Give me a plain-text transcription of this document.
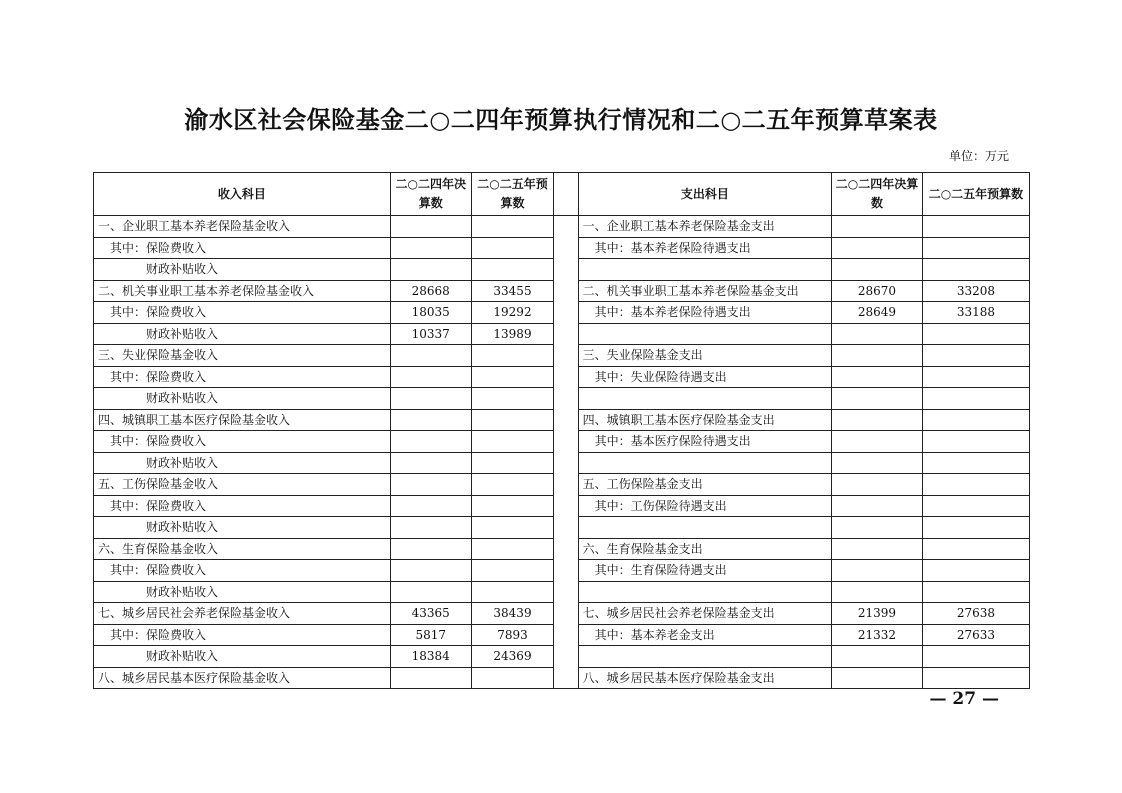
渝水区社会保险基金二○二四年预算执行情况和二○二五年预算草案表
单位：万元
收入科目	二○二四年决算数	二○二五年预算数		支出科目	二○二四年决算数	二○二五年预算数
一、企业职工基本养老保险基金收入				一、企业职工基本养老保险基金支出		
其中：保险费收入				其中：基本养老保险待遇支出		
财政补贴收入						
二、机关事业职工基本养老保险基金收入	28668	33455		二、机关事业职工基本养老保险基金支出	28670	33208
其中：保险费收入	18035	19292		其中：基本养老保险待遇支出	28649	33188
财政补贴收入	10337	13989				
三、失业保险基金收入				三、失业保险基金支出		
其中：保险费收入				其中：失业保险待遇支出		
财政补贴收入						
四、城镇职工基本医疗保险基金收入				四、城镇职工基本医疗保险基金支出		
其中：保险费收入				其中：基本医疗保险待遇支出		
财政补贴收入						
五、工伤保险基金收入				五、工伤保险基金支出		
其中：保险费收入				其中：工伤保险待遇支出		
财政补贴收入						
六、生育保险基金收入				六、生育保险基金支出		
其中：保险费收入				其中：生育保险待遇支出		
财政补贴收入						
七、城乡居民社会养老保险基金收入	43365	38439		七、城乡居民社会养老保险基金支出	21399	27638
其中：保险费收入	5817	7893		其中：基本养老金支出	21332	27633
财政补贴收入	18384	24369				
八、城乡居民基本医疗保险基金收入				八、城乡居民基本医疗保险基金支出		
— 27 —
